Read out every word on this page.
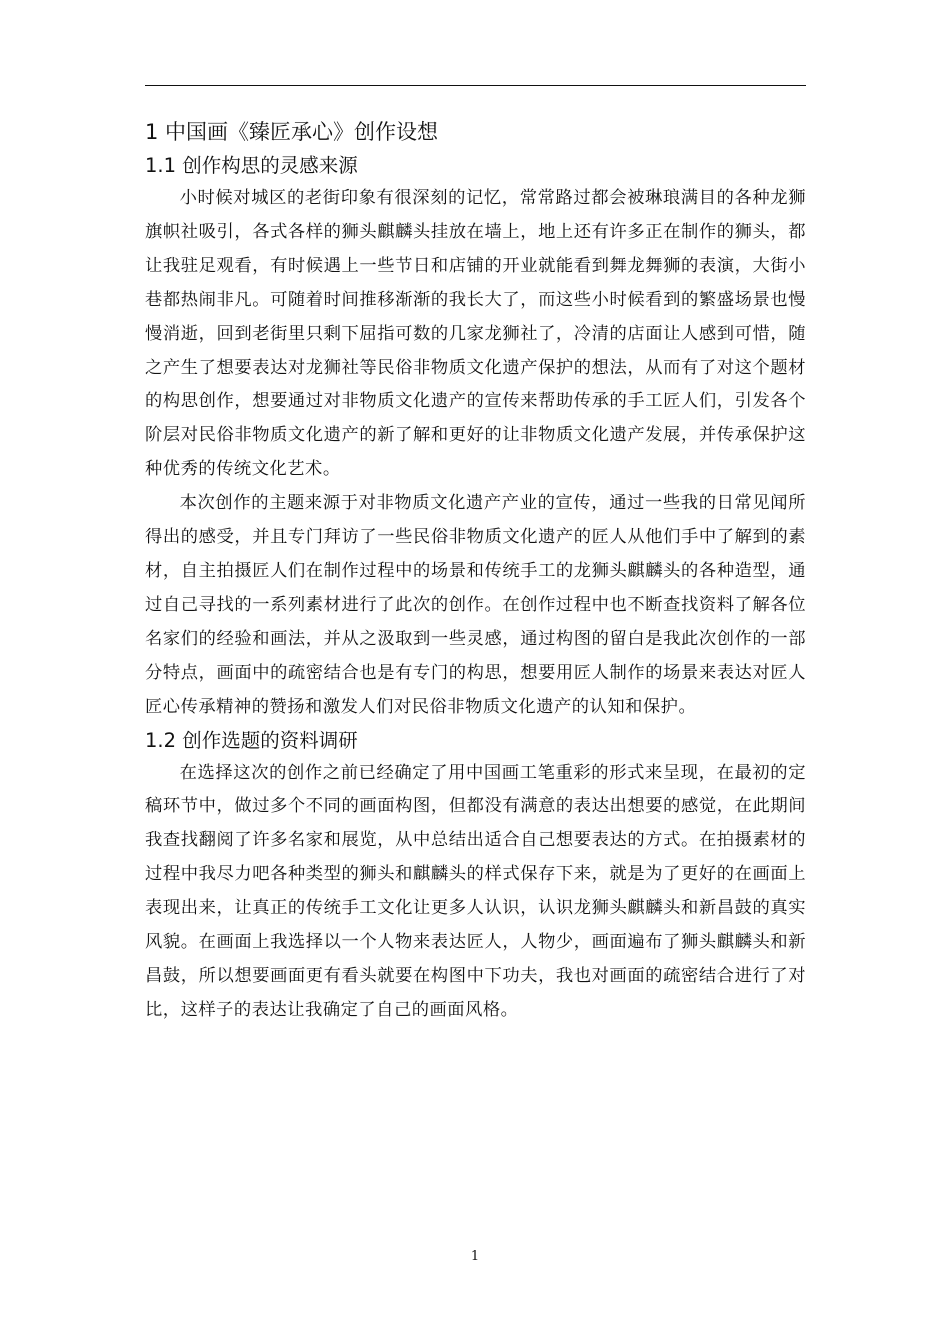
1 中国画《臻匠承心》创作设想
1.1 创作构思的灵感来源

小时候对城区的老街印象有很深刻的记忆，常常路过都会被琳琅满目的各种龙狮旗帜社吸引，各式各样的狮头麒麟头挂放在墙上，地上还有许多正在制作的狮头，都让我驻足观看，有时候遇上一些节日和店铺的开业就能看到舞龙舞狮的表演，大街小巷都热闹非凡。可随着时间推移渐渐的我长大了，而这些小时候看到的繁盛场景也慢慢消逝，回到老街里只剩下屈指可数的几家龙狮社了，冷清的店面让人感到可惜，随之产生了想要表达对龙狮社等民俗非物质文化遗产保护的想法，从而有了对这个题材的构思创作，想要通过对非物质文化遗产的宣传来帮助传承的手工匠人们，引发各个阶层对民俗非物质文化遗产的新了解和更好的让非物质文化遗产发展，并传承保护这种优秀的传统文化艺术。

本次创作的主题来源于对非物质文化遗产产业的宣传，通过一些我的日常见闻所得出的感受，并且专门拜访了一些民俗非物质文化遗产的匠人从他们手中了解到的素材，自主拍摄匠人们在制作过程中的场景和传统手工的龙狮头麒麟头的各种造型，通过自己寻找的一系列素材进行了此次的创作。在创作过程中也不断查找资料了解各位名家们的经验和画法，并从之汲取到一些灵感，通过构图的留白是我此次创作的一部分特点，画面中的疏密结合也是有专门的构思，想要用匠人制作的场景来表达对匠人匠心传承精神的赞扬和激发人们对民俗非物质文化遗产的认知和保护。

1.2 创作选题的资料调研

在选择这次的创作之前已经确定了用中国画工笔重彩的形式来呈现，在最初的定稿环节中，做过多个不同的画面构图，但都没有满意的表达出想要的感觉，在此期间我查找翻阅了许多名家和展览，从中总结出适合自己想要表达的方式。在拍摄素材的过程中我尽力吧各种类型的狮头和麒麟头的样式保存下来，就是为了更好的在画面上表现出来，让真正的传统手工文化让更多人认识，认识龙狮头麒麟头和新昌鼓的真实风貌。在画面上我选择以一个人物来表达匠人，人物少，画面遍布了狮头麒麟头和新昌鼓，所以想要画面更有看头就要在构图中下功夫，我也对画面的疏密结合进行了对比，这样子的表达让我确定了自己的画面风格。

1
